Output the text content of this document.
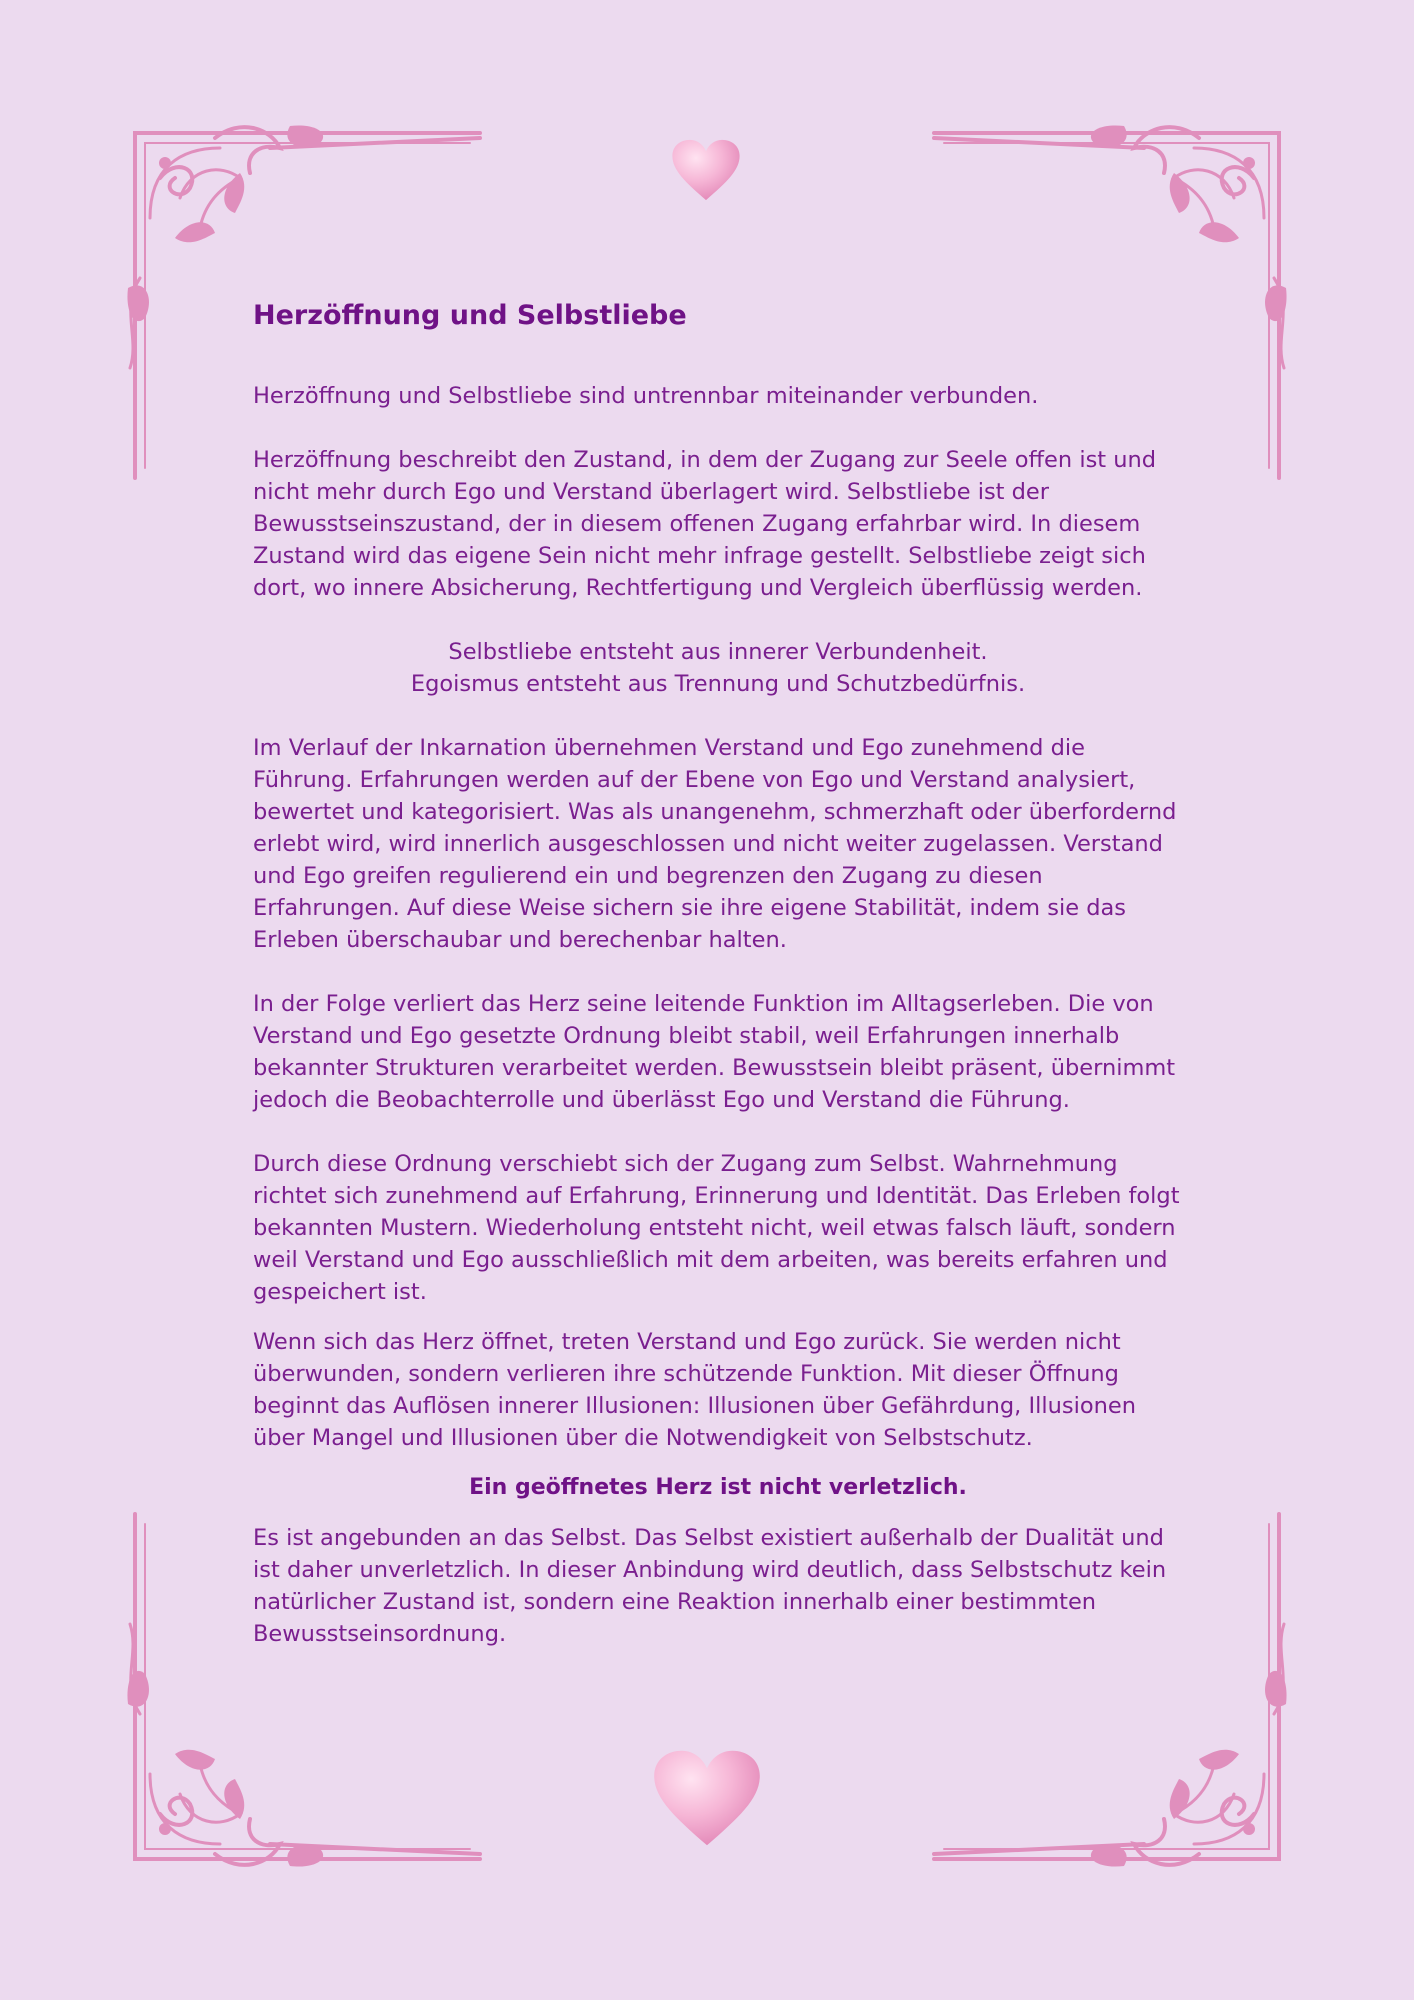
Herzöffnung und Selbstliebe

Herzöffnung und Selbstliebe sind untrennbar miteinander verbunden.

Herzöffnung beschreibt den Zustand, in dem der Zugang zur Seele offen ist und nicht mehr durch Ego und Verstand überlagert wird. Selbstliebe ist der Bewusstseinszustand, der in diesem offenen Zugang erfahrbar wird. In diesem Zustand wird das eigene Sein nicht mehr infrage gestellt. Selbstliebe zeigt sich dort, wo innere Absicherung, Rechtfertigung und Vergleich überflüssig werden.

Selbstliebe entsteht aus innerer Verbundenheit.
Egoismus entsteht aus Trennung und Schutzbedürfnis.

Im Verlauf der Inkarnation übernehmen Verstand und Ego zunehmend die Führung. Erfahrungen werden auf der Ebene von Ego und Verstand analysiert, bewertet und kategorisiert. Was als unangenehm, schmerzhaft oder überfordernd erlebt wird, wird innerlich ausgeschlossen und nicht weiter zugelassen. Verstand und Ego greifen regulierend ein und begrenzen den Zugang zu diesen Erfahrungen. Auf diese Weise sichern sie ihre eigene Stabilität, indem sie das Erleben überschaubar und berechenbar halten.

In der Folge verliert das Herz seine leitende Funktion im Alltagserleben. Die von Verstand und Ego gesetzte Ordnung bleibt stabil, weil Erfahrungen innerhalb bekannter Strukturen verarbeitet werden. Bewusstsein bleibt präsent, übernimmt jedoch die Beobachterrolle und überlässt Ego und Verstand die Führung.

Durch diese Ordnung verschiebt sich der Zugang zum Selbst. Wahrnehmung richtet sich zunehmend auf Erfahrung, Erinnerung und Identität. Das Erleben folgt bekannten Mustern. Wiederholung entsteht nicht, weil etwas falsch läuft, sondern weil Verstand und Ego ausschließlich mit dem arbeiten, was bereits erfahren und gespeichert ist.

Wenn sich das Herz öffnet, treten Verstand und Ego zurück. Sie werden nicht überwunden, sondern verlieren ihre schützende Funktion. Mit dieser Öffnung beginnt das Auflösen innerer Illusionen: Illusionen über Gefährdung, Illusionen über Mangel und Illusionen über die Notwendigkeit von Selbstschutz.

Ein geöffnetes Herz ist nicht verletzlich.

Es ist angebunden an das Selbst. Das Selbst existiert außerhalb der Dualität und ist daher unverletzlich. In dieser Anbindung wird deutlich, dass Selbstschutz kein natürlicher Zustand ist, sondern eine Reaktion innerhalb einer bestimmten Bewusstseinsordnung.
